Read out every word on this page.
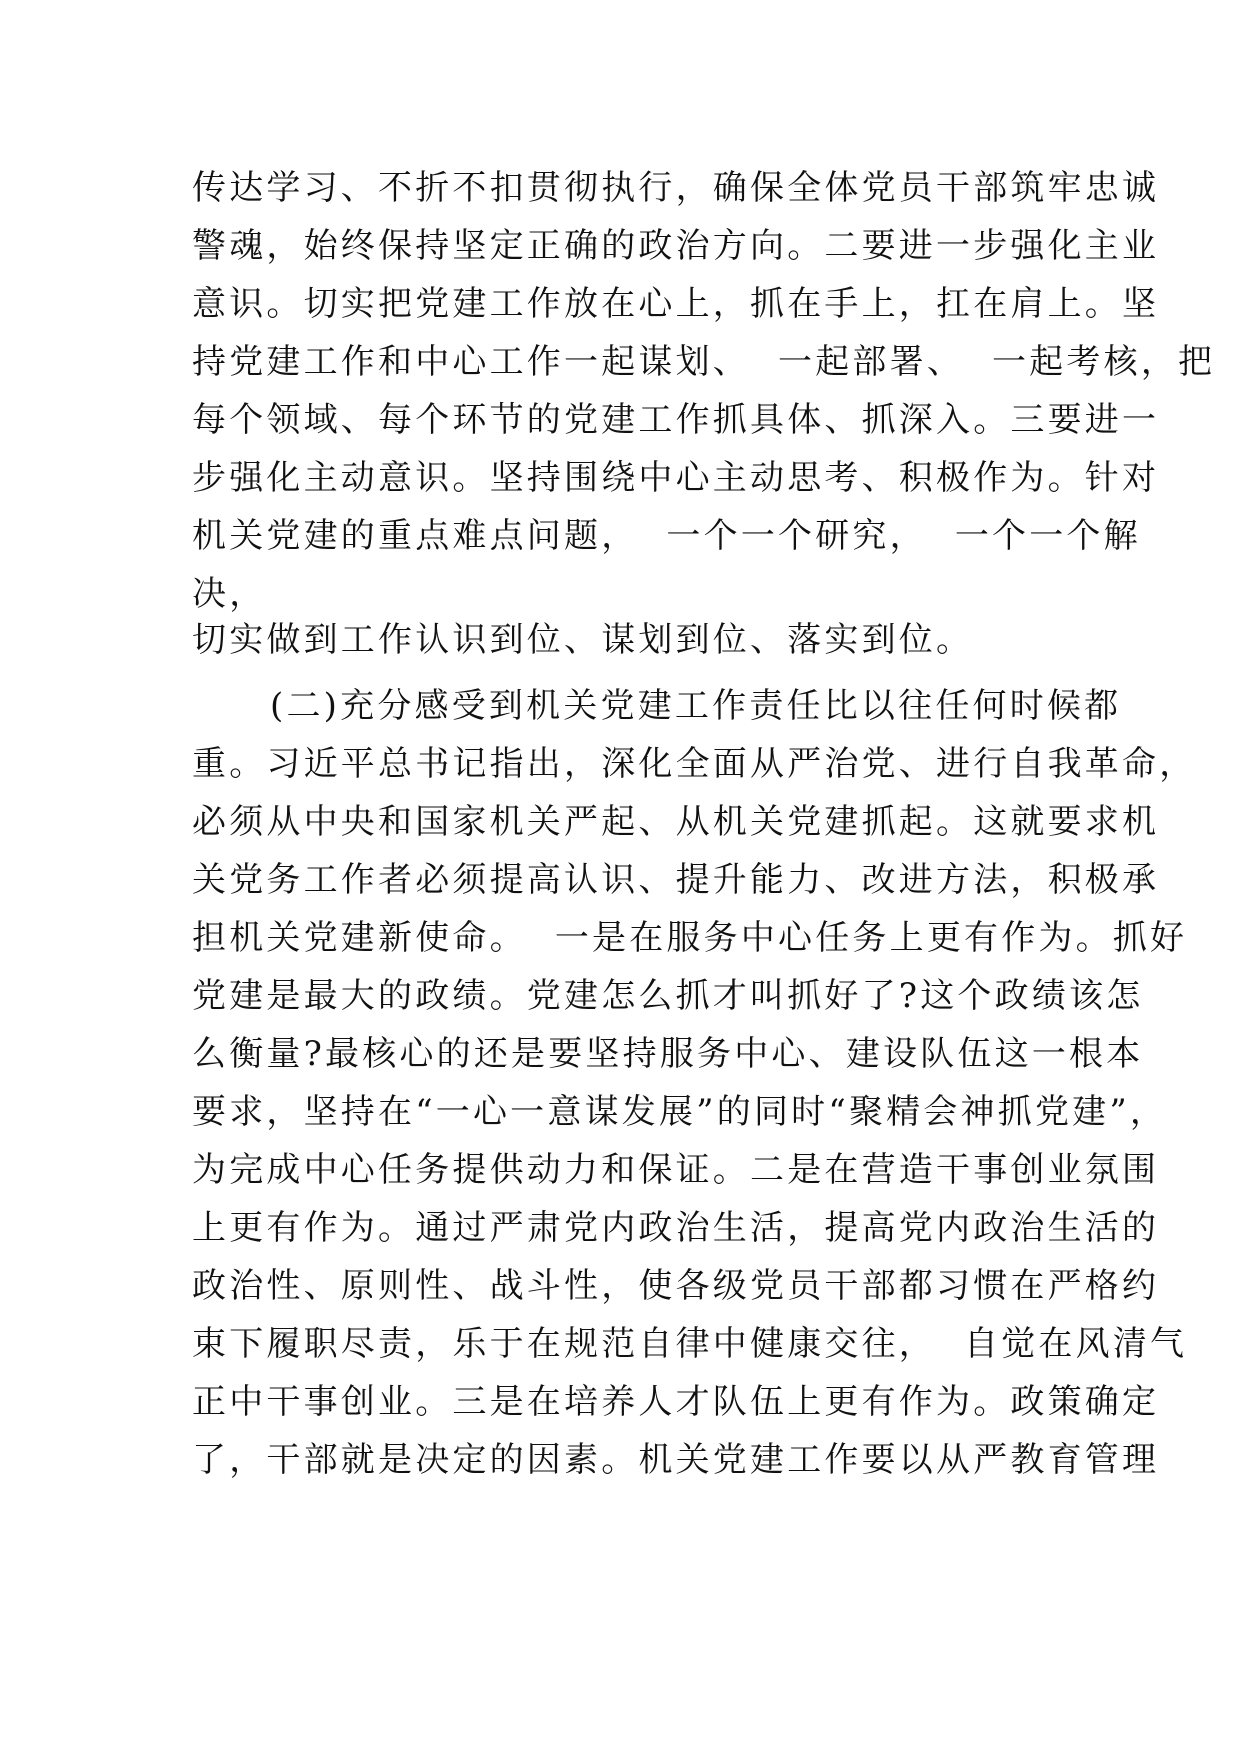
传达学习、不折不扣贯彻执行，确保全体党员干部筑牢忠诚
警魂，始终保持坚定正确的政治方向。二要进一步强化主业
意识。切实把党建工作放在心上，抓在手上，扛在肩上。坚
持党建工作和中心工作一起谋划、  一起部署、  一起考核，把
每个领域、每个环节的党建工作抓具体、抓深入。三要进一
步强化主动意识。坚持围绕中心主动思考、积极作为。针对
机关党建的重点难点问题，  一个一个研究，  一个一个解
决，
切实做到工作认识到位、谋划到位、落实到位。
(二)充分感受到机关党建工作责任比以往任何时候都
重。习近平总书记指出，深化全面从严治党、进行自我革命，
必须从中央和国家机关严起、从机关党建抓起。这就要求机
关党务工作者必须提高认识、提升能力、改进方法，积极承
担机关党建新使命。  一是在服务中心任务上更有作为。抓好
党建是最大的政绩。党建怎么抓才叫抓好了?这个政绩该怎
么衡量?最核心的还是要坚持服务中心、建设队伍这一根本
要求，坚持在“一心一意谋发展”的同时“聚精会神抓党建”，
为完成中心任务提供动力和保证。二是在营造干事创业氛围
上更有作为。通过严肃党内政治生活，提高党内政治生活的
政治性、原则性、战斗性，使各级党员干部都习惯在严格约
束下履职尽责，乐于在规范自律中健康交往，  自觉在风清气
正中干事创业。三是在培养人才队伍上更有作为。政策确定
了，干部就是决定的因素。机关党建工作要以从严教育管理
